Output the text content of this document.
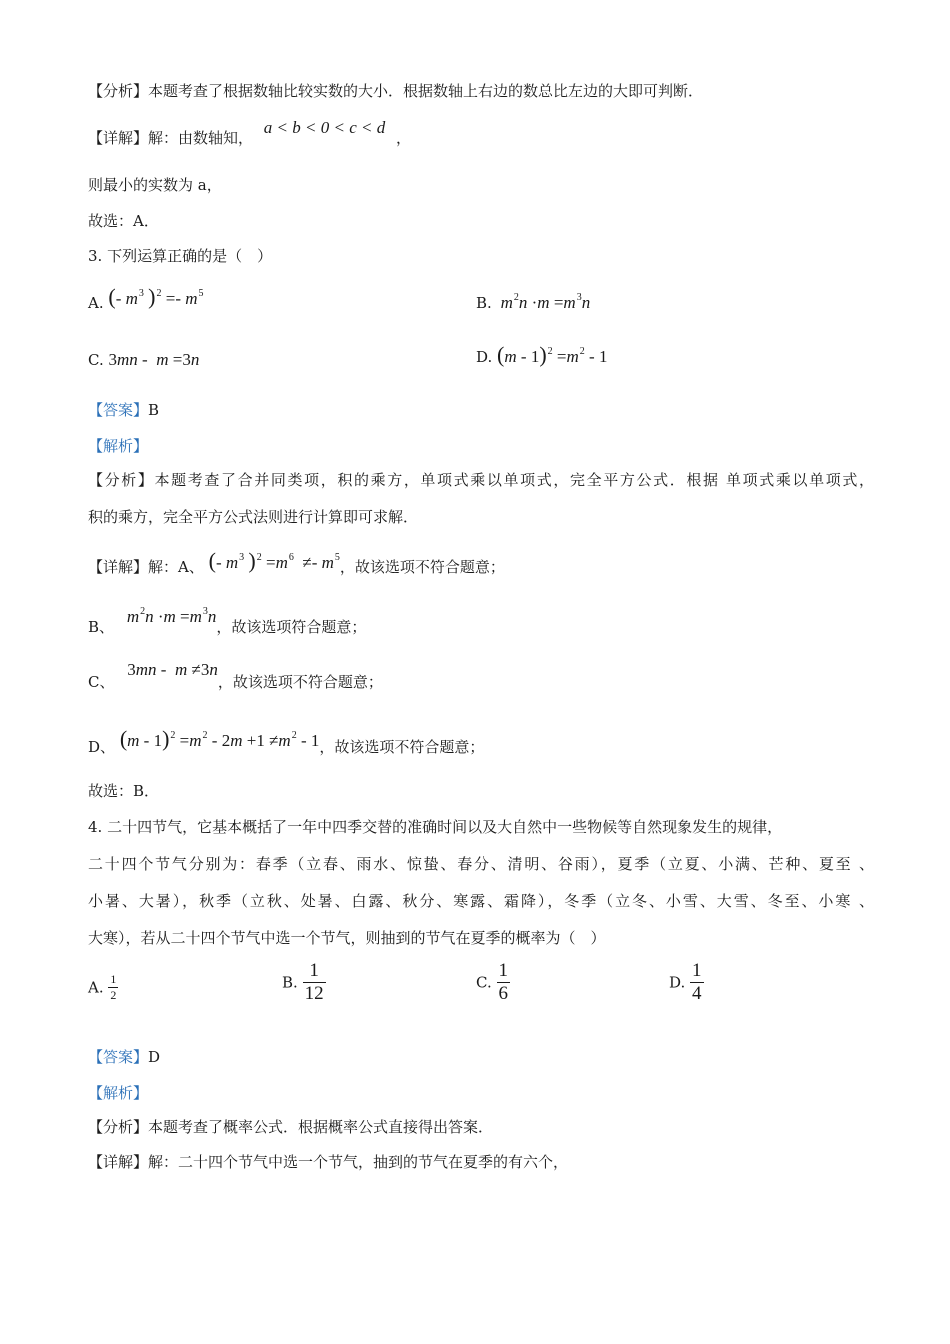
【分析】本题考查了根据数轴比较实数的大小．根据数轴上右边的数总比左边的大即可判断．
【详解】解：由数轴知， a < b < 0 < c < d ，
则最小的实数为 a，
故选：A．
3. 下列运算正确的是（　）
A. (- $m^3$ )$^2 =- m^5$
B. $m^2n \cdot m =m^3n$
C. 3mn -  m =3n	D. $(m - 1)^2 =m^2 - 1$
【答案】B
【解析】
【分析】本题考查了合并同类项，积的乘方，单项式乘以单项式，完全平方公式．根据 单项式乘以单项式，
积的乘方，完全平方公式法则进行计算即可求解．
【详解】解：A、 (- $m^3$ )$^2 =m^6 \ne- m^5$，故该选项不符合题意；
B、 $m^2n \cdot m =m^3n$，故该选项符合题意；
C、 3mn -  m ≠3n，故该选项不符合题意；
D、 $(m - 1)^2 =m^2 - 2m +1 \ne m^2 - 1$，故该选项不符合题意；
故选：B．
4. 二十四节气，它基本概括了一年中四季交替的准确时间以及大自然中一些物候等自然现象发生的规律，
二十四个节气分别为：春季（立春、雨水、惊蛰、春分、清明、谷雨），夏季（立夏、小满、芒种、夏至 、
小暑、大暑），秋季（立秋、处暑、白露、秋分、寒露、霜降），冬季（立冬、小雪、大雪、冬至、小寒 、
大寒），若从二十四个节气中选一个节气，则抽到的节气在夏季的概率为（　）
A. $\frac{1}{2}$	B. $\frac{1}{12}$	C. $\frac{1}{6}$	D. $\frac{1}{4}$
【答案】D
【解析】
【分析】本题考查了概率公式．根据概率公式直接得出答案．
【详解】解：二十四个节气中选一个节气，抽到的节气在夏季的有六个，
